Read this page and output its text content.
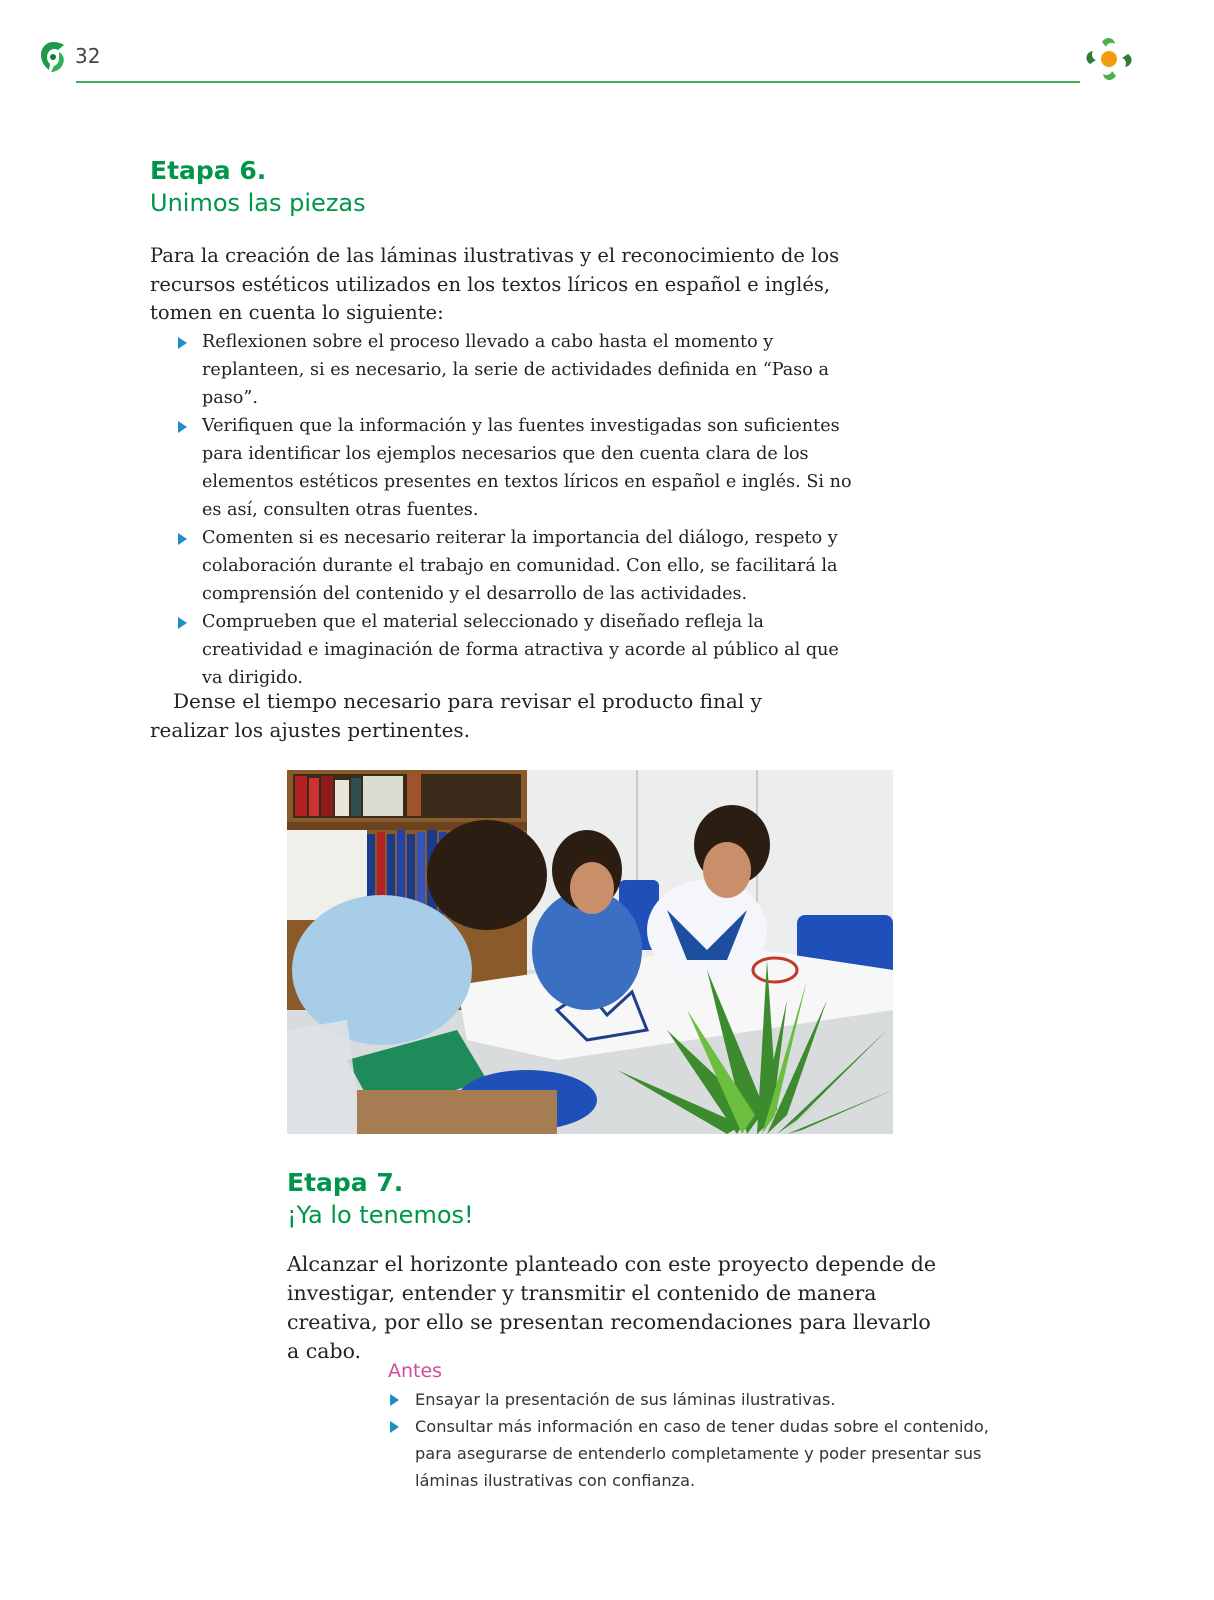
32
Etapa 6.
Unimos las piezas

Para la creación de las láminas ilustrativas y el reconocimiento de los recursos estéticos utilizados en los textos líricos en español e inglés, tomen en cuenta lo siguiente:

Reflexionen sobre el proceso llevado a cabo hasta el momento y replanteen, si es necesario, la serie de actividades definida en “Paso a paso”.
Verifiquen que la información y las fuentes investigadas son suficientes para identificar los ejemplos necesarios que den cuenta clara de los elementos estéticos presentes en textos líricos en español e inglés. Si no es así, consulten otras fuentes.
Comenten si es necesario reiterar la importancia del diálogo, respeto y colaboración durante el trabajo en comunidad. Con ello, se facilitará la comprensión del contenido y el desarrollo de las actividades.
Comprueben que el material seleccionado y diseñado refleja la creatividad e imaginación de forma atractiva y acorde al público al que va dirigido.

Dense el tiempo necesario para revisar el producto final y realizar los ajustes pertinentes.

Etapa 7.
¡Ya lo tenemos!

Alcanzar el horizonte planteado con este proyecto depende de investigar, entender y transmitir el contenido de manera creativa, por ello se presentan recomendaciones para llevarlo a cabo.

Antes
Ensayar la presentación de sus láminas ilustrativas.
Consultar más información en caso de tener dudas sobre el contenido, para asegurarse de entenderlo completamente y poder presentar sus láminas ilustrativas con confianza.
